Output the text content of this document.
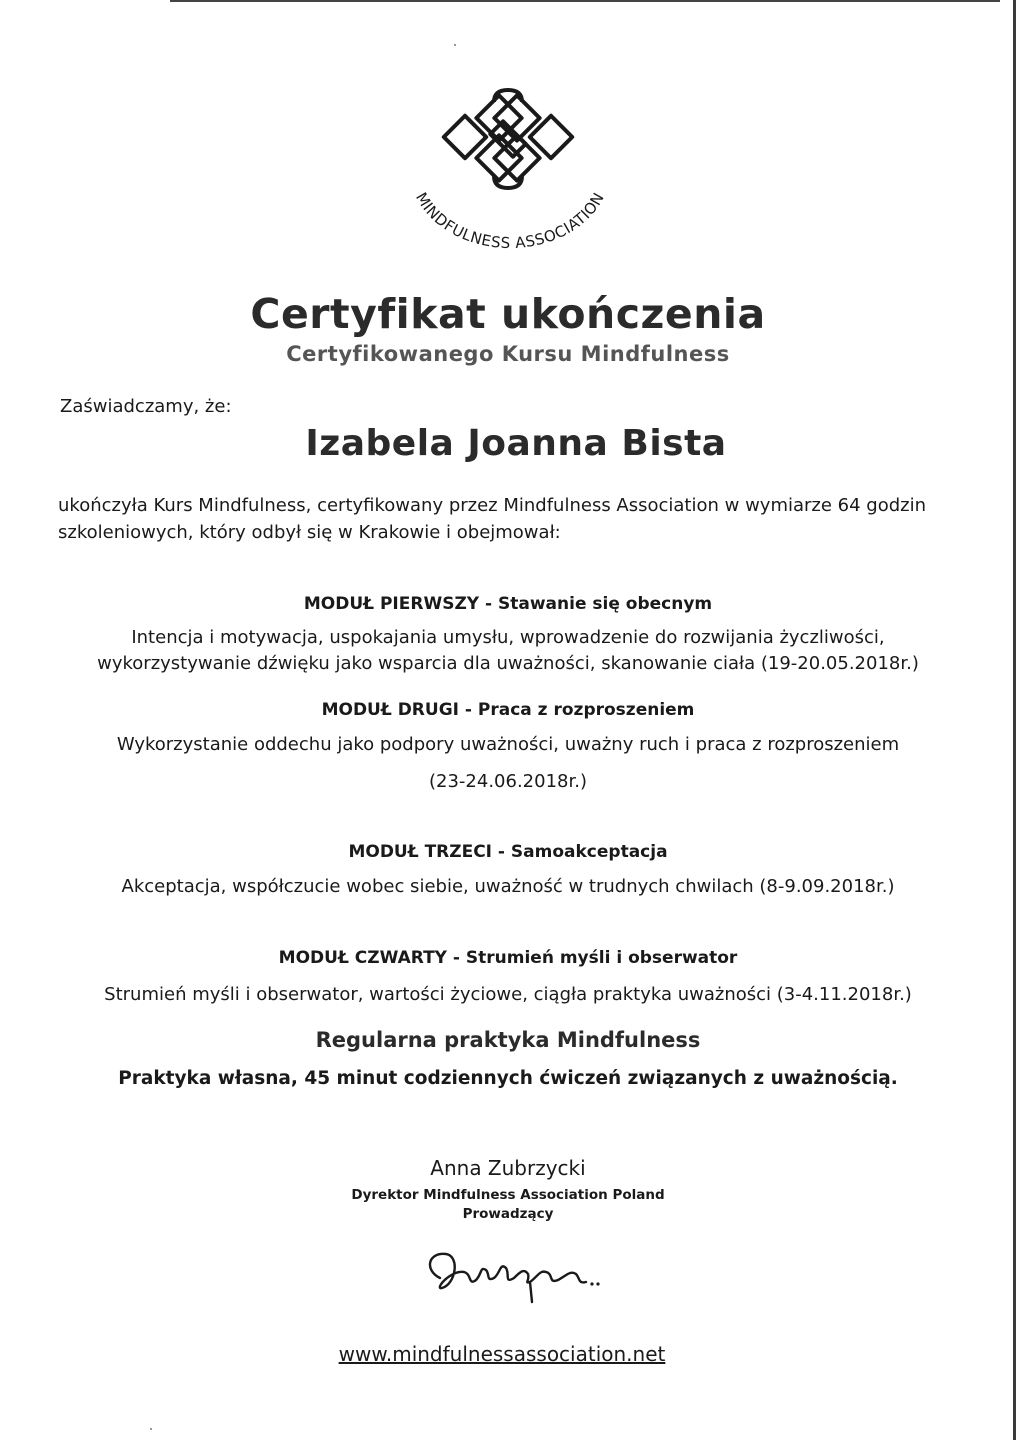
MINDFULNESS ASSOCIATION
Certyfikat ukończenia
Certyfikowanego Kursu Mindfulness
Zaświadczamy, że:
Izabela Joanna Bista
ukończyła Kurs Mindfulness, certyfikowany przez Mindfulness Association w wymiarze 64 godzin szkoleniowych, który odbył się w Krakowie i obejmował:
MODUŁ PIERWSZY - Stawanie się obecnym
Intencja i motywacja, uspokajania umysłu, wprowadzenie do rozwijania życzliwości,
wykorzystywanie dźwięku jako wsparcia dla uważności, skanowanie ciała (19-20.05.2018r.)
MODUŁ DRUGI - Praca z rozproszeniem
Wykorzystanie oddechu jako podpory uważności, uważny ruch i praca z rozproszeniem
(23-24.06.2018r.)
MODUŁ TRZECI - Samoakceptacja
Akceptacja, współczucie wobec siebie, uważność w trudnych chwilach (8-9.09.2018r.)
MODUŁ CZWARTY - Strumień myśli i obserwator
Strumień myśli i obserwator, wartości życiowe, ciągła praktyka uważności (3-4.11.2018r.)
Regularna praktyka Mindfulness
Praktyka własna, 45 minut codziennych ćwiczeń związanych z uważnością.
Anna Zubrzycki
Dyrektor Mindfulness Association Poland
Prowadzący
www.mindfulnessassociation.net
